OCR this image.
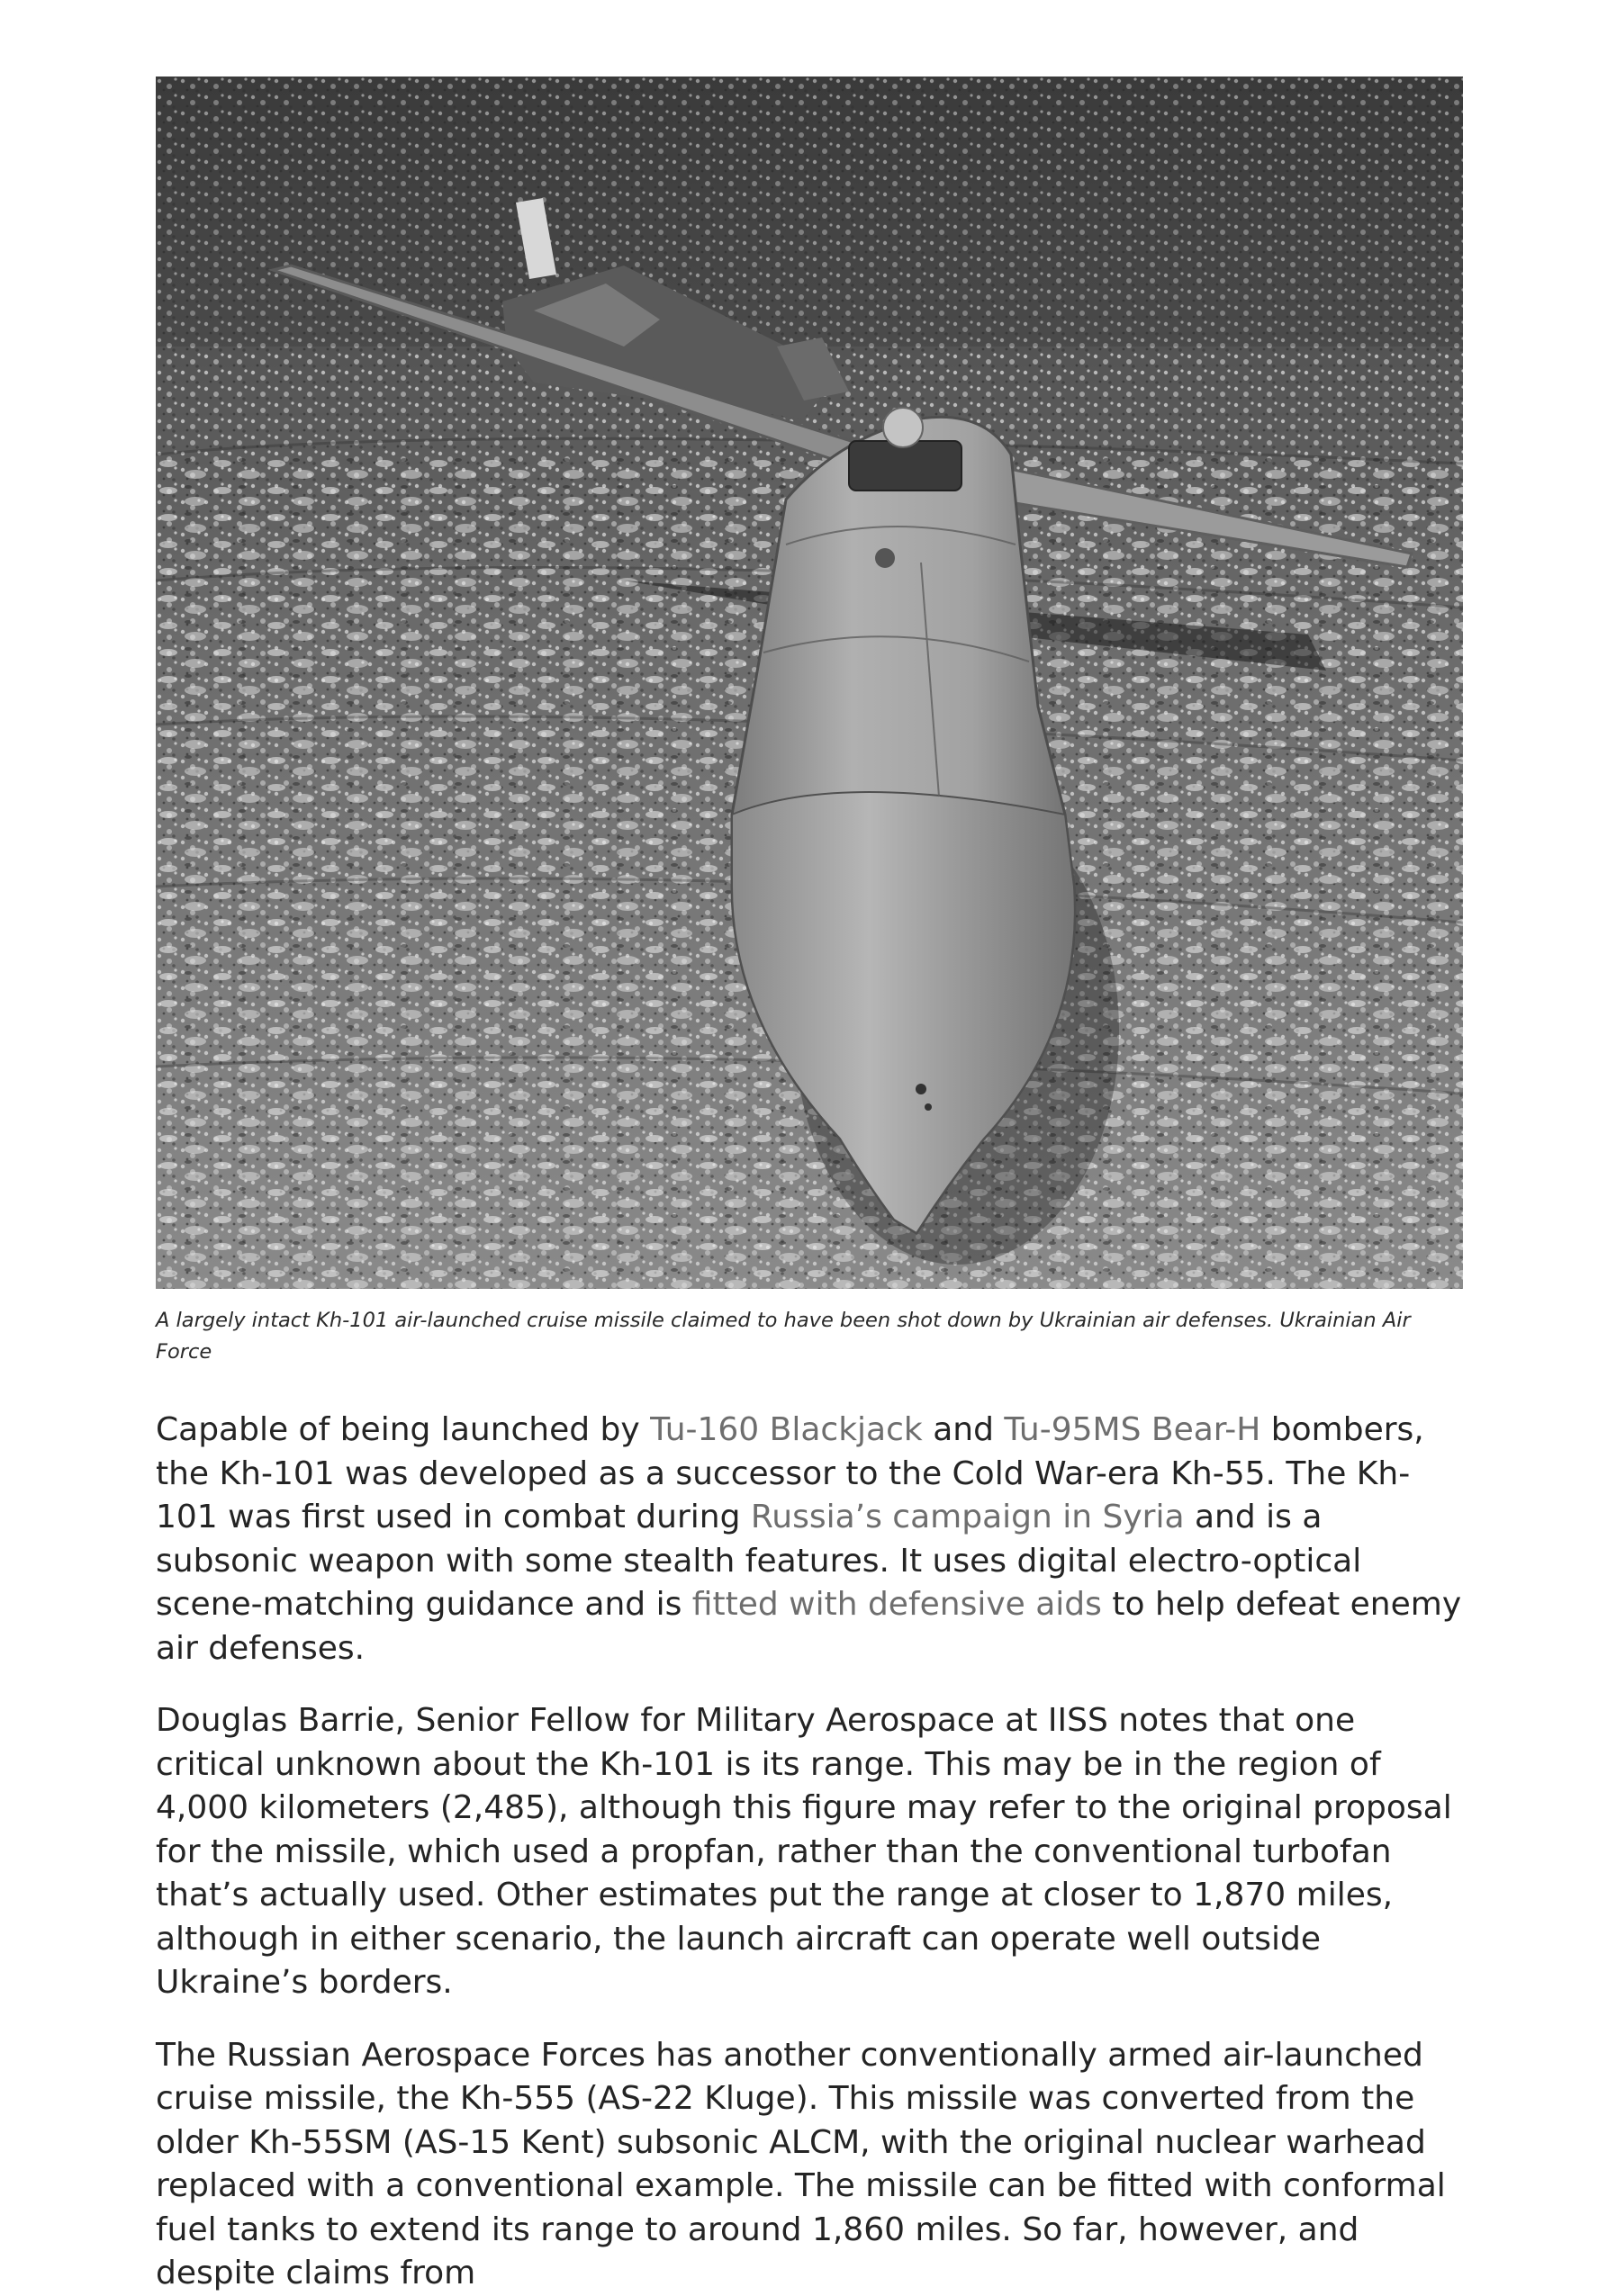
A largely intact Kh-101 air-launched cruise missile claimed to have been shot down by Ukrainian air defenses. Ukrainian Air Force

Capable of being launched by Tu-160 Blackjack and Tu-95MS Bear-H bombers, the Kh-101 was developed as a successor to the Cold War-era Kh-55. The Kh-101 was first used in combat during Russia’s campaign in Syria and is a subsonic weapon with some stealth features. It uses digital electro-optical scene-matching guidance and is fitted with defensive aids to help defeat enemy air defenses.

Douglas Barrie, Senior Fellow for Military Aerospace at IISS notes that one critical unknown about the Kh-101 is its range. This may be in the region of 4,000 kilometers (2,485), although this figure may refer to the original proposal for the missile, which used a propfan, rather than the conventional turbofan that’s actually used. Other estimates put the range at closer to 1,870 miles, although in either scenario, the launch aircraft can operate well outside Ukraine’s borders.

The Russian Aerospace Forces has another conventionally armed air-launched cruise missile, the Kh-555 (AS-22 Kluge). This missile was converted from the older Kh-55SM (AS-15 Kent) subsonic ALCM, with the original nuclear warhead replaced with a conventional example. The missile can be fitted with conformal fuel tanks to extend its range to around 1,860 miles. So far, however, and despite claims from
